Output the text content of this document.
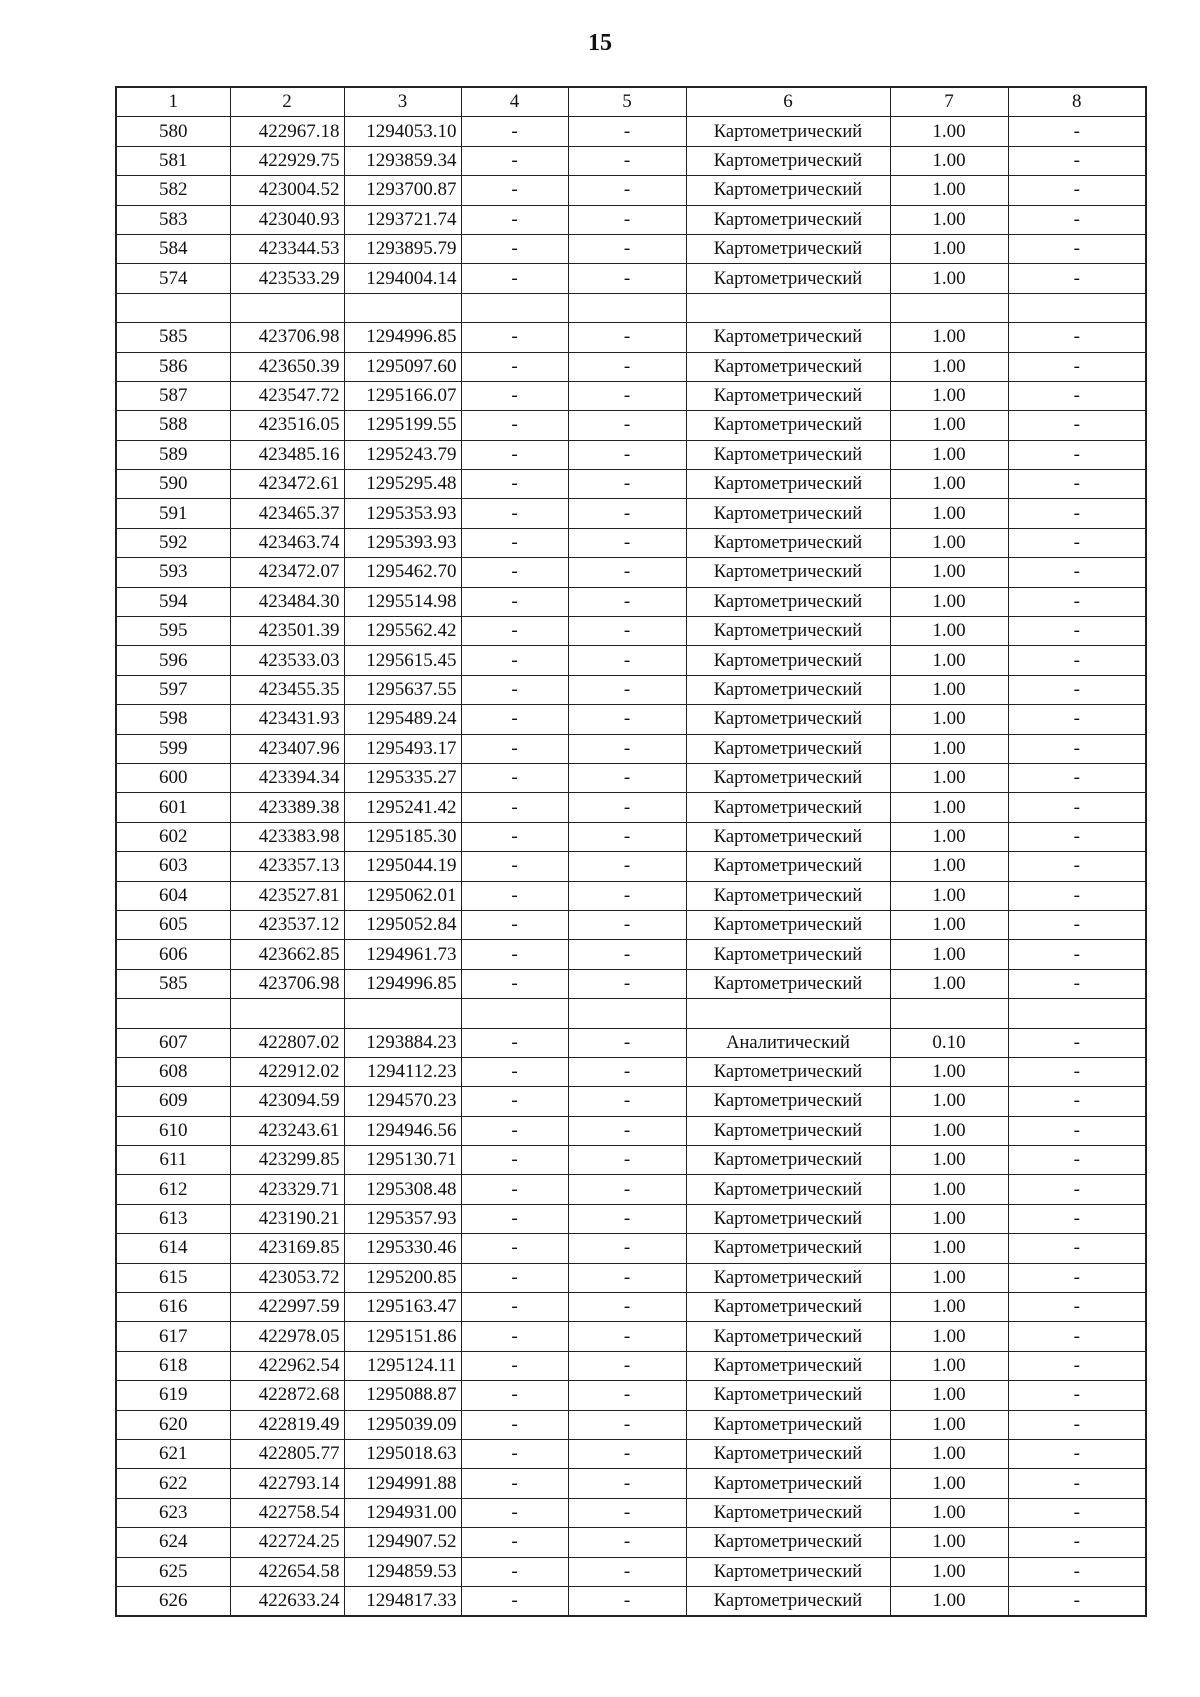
15
1	2	3	4	5	6	7	8
580	422967.18	1294053.10	-	-	Картометрический	1.00	-
581	422929.75	1293859.34	-	-	Картометрический	1.00	-
582	423004.52	1293700.87	-	-	Картометрический	1.00	-
583	423040.93	1293721.74	-	-	Картометрический	1.00	-
584	423344.53	1293895.79	-	-	Картометрический	1.00	-
574	423533.29	1294004.14	-	-	Картометрический	1.00	-

585	423706.98	1294996.85	-	-	Картометрический	1.00	-
586	423650.39	1295097.60	-	-	Картометрический	1.00	-
587	423547.72	1295166.07	-	-	Картометрический	1.00	-
588	423516.05	1295199.55	-	-	Картометрический	1.00	-
589	423485.16	1295243.79	-	-	Картометрический	1.00	-
590	423472.61	1295295.48	-	-	Картометрический	1.00	-
591	423465.37	1295353.93	-	-	Картометрический	1.00	-
592	423463.74	1295393.93	-	-	Картометрический	1.00	-
593	423472.07	1295462.70	-	-	Картометрический	1.00	-
594	423484.30	1295514.98	-	-	Картометрический	1.00	-
595	423501.39	1295562.42	-	-	Картометрический	1.00	-
596	423533.03	1295615.45	-	-	Картометрический	1.00	-
597	423455.35	1295637.55	-	-	Картометрический	1.00	-
598	423431.93	1295489.24	-	-	Картометрический	1.00	-
599	423407.96	1295493.17	-	-	Картометрический	1.00	-
600	423394.34	1295335.27	-	-	Картометрический	1.00	-
601	423389.38	1295241.42	-	-	Картометрический	1.00	-
602	423383.98	1295185.30	-	-	Картометрический	1.00	-
603	423357.13	1295044.19	-	-	Картометрический	1.00	-
604	423527.81	1295062.01	-	-	Картометрический	1.00	-
605	423537.12	1295052.84	-	-	Картометрический	1.00	-
606	423662.85	1294961.73	-	-	Картометрический	1.00	-
585	423706.98	1294996.85	-	-	Картометрический	1.00	-

607	422807.02	1293884.23	-	-	Аналитический	0.10	-
608	422912.02	1294112.23	-	-	Картометрический	1.00	-
609	423094.59	1294570.23	-	-	Картометрический	1.00	-
610	423243.61	1294946.56	-	-	Картометрический	1.00	-
611	423299.85	1295130.71	-	-	Картометрический	1.00	-
612	423329.71	1295308.48	-	-	Картометрический	1.00	-
613	423190.21	1295357.93	-	-	Картометрический	1.00	-
614	423169.85	1295330.46	-	-	Картометрический	1.00	-
615	423053.72	1295200.85	-	-	Картометрический	1.00	-
616	422997.59	1295163.47	-	-	Картометрический	1.00	-
617	422978.05	1295151.86	-	-	Картометрический	1.00	-
618	422962.54	1295124.11	-	-	Картометрический	1.00	-
619	422872.68	1295088.87	-	-	Картометрический	1.00	-
620	422819.49	1295039.09	-	-	Картометрический	1.00	-
621	422805.77	1295018.63	-	-	Картометрический	1.00	-
622	422793.14	1294991.88	-	-	Картометрический	1.00	-
623	422758.54	1294931.00	-	-	Картометрический	1.00	-
624	422724.25	1294907.52	-	-	Картометрический	1.00	-
625	422654.58	1294859.53	-	-	Картометрический	1.00	-
626	422633.24	1294817.33	-	-	Картометрический	1.00	-
